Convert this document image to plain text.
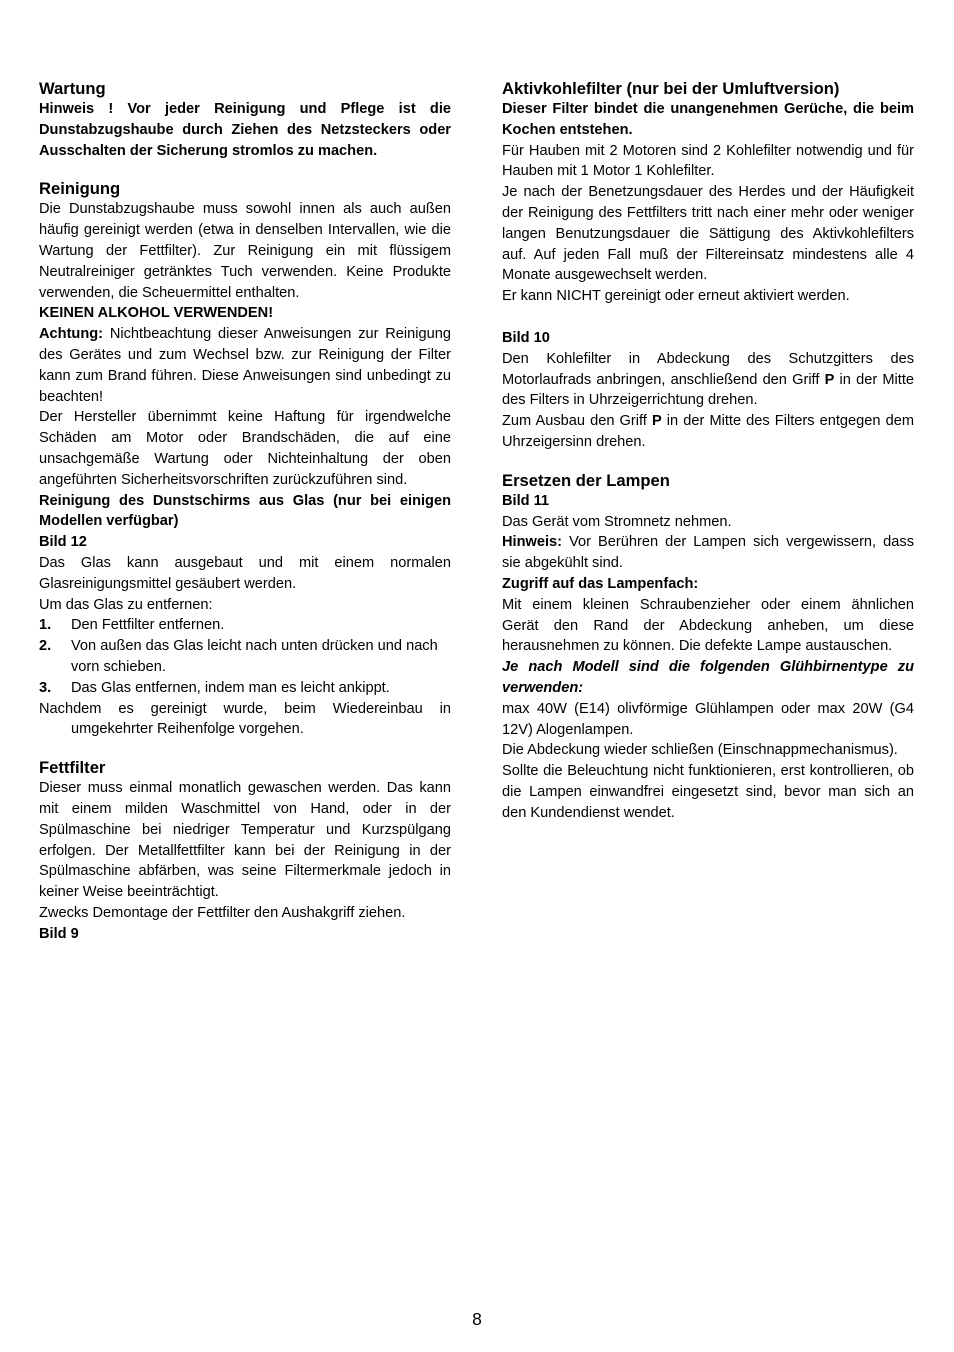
Wartung

Hinweis ! Vor jeder Reinigung und Pflege ist die Dunstabzugshaube durch Ziehen des Netzsteckers oder Ausschalten der Sicherung stromlos zu machen.

Reinigung

Die Dunstabzugshaube muss sowohl innen als auch außen häufig gereinigt werden (etwa in denselben Intervallen, wie die Wartung der Fettfilter). Zur Reinigung ein mit flüssigem Neutralreiniger getränktes Tuch verwenden. Keine Produkte verwenden, die Scheuermittel enthalten.

KEINEN ALKOHOL VERWENDEN!

Achtung: Nichtbeachtung dieser Anweisungen zur Reinigung des Gerätes und zum Wechsel bzw. zur Reinigung der Filter kann zum Brand führen. Diese Anweisungen sind unbedingt zu beachten!

Der Hersteller übernimmt keine Haftung für irgendwelche Schäden am Motor oder Brandschäden, die auf eine unsachgemäße Wartung oder Nichteinhaltung der oben angeführten Sicherheitsvorschriften zurückzuführen sind.

Reinigung des Dunstschirms aus Glas (nur bei einigen Modellen verfügbar)

Bild 12

Das Glas kann ausgebaut und mit einem normalen Glasreinigungsmittel gesäubert werden.

Um das Glas zu entfernen:

1.	Den Fettfilter entfernen.
2.	Von außen das Glas leicht nach unten drücken und nach vorn schieben.
3.	Das Glas entfernen, indem man es leicht ankippt.

Nachdem es gereinigt wurde, beim Wiedereinbau in umgekehrter Reihenfolge vorgehen.

Fettfilter

Dieser muss einmal monatlich gewaschen werden. Das kann mit einem milden Waschmittel von Hand, oder in der Spülmaschine bei niedriger Temperatur und Kurzspülgang erfolgen. Der Metallfettfilter kann bei der Reinigung in der Spülmaschine abfärben, was seine Filtermerkmale jedoch in keiner Weise beeinträchtigt.

Zwecks Demontage der Fettfilter den Aushakgriff ziehen.

Bild 9

Aktivkohlefilter (nur bei der Umluftversion)

Dieser Filter bindet die unangenehmen Gerüche, die beim Kochen entstehen.

Für Hauben mit 2 Motoren sind 2 Kohlefilter notwendig und für Hauben mit 1 Motor 1 Kohlefilter.

Je nach der Benetzungsdauer des Herdes und der Häufigkeit der Reinigung des Fettfilters tritt nach einer mehr oder weniger langen Benutzungsdauer die Sättigung des Aktivkohlefilters auf. Auf jeden Fall muß der Filtereinsatz mindestens alle 4 Monate ausgewechselt werden.

Er kann NICHT gereinigt oder erneut aktiviert werden.

Bild 10

Den Kohlefilter in Abdeckung des Schutzgitters des Motorlaufrads anbringen, anschließend den Griff P in der Mitte des Filters in Uhrzeigerrichtung drehen.

Zum Ausbau den Griff P in der Mitte des Filters entgegen dem Uhrzeigersinn drehen.

Ersetzen der Lampen

Bild 11

Das Gerät vom Stromnetz nehmen.

Hinweis: Vor Berühren der Lampen sich vergewissern, dass sie abgekühlt sind.

Zugriff auf das Lampenfach:

Mit einem kleinen Schraubenzieher oder einem ähnlichen Gerät den Rand der Abdeckung anheben, um diese herausnehmen zu können. Die defekte Lampe austauschen.

Je nach Modell sind die folgenden Glühbirnentype zu verwenden:

max 40W (E14) olivförmige Glühlampen oder max 20W (G4 12V) Alogenlampen.

Die Abdeckung wieder schließen (Einschnappmechanismus).

Sollte die Beleuchtung nicht funktionieren, erst kontrollieren, ob die Lampen einwandfrei eingesetzt sind, bevor man sich an den Kundendienst wendet.

8
